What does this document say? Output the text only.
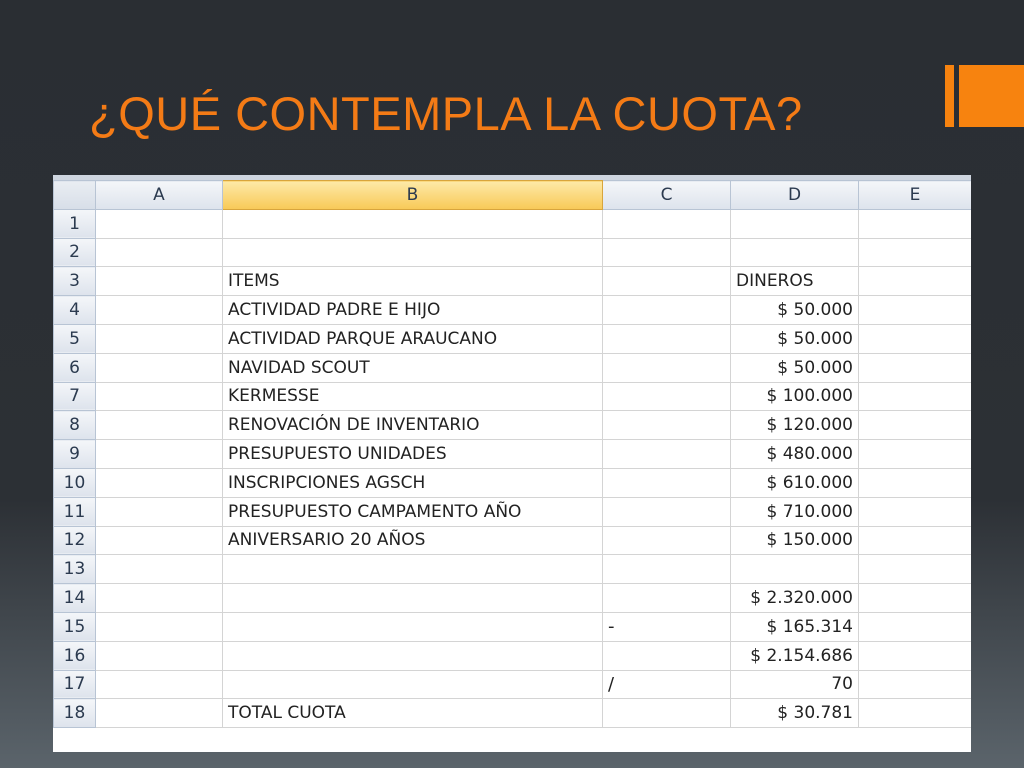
¿QUÉ CONTEMPLA LA CUOTA?
	A	B	C	D	E
1					
2					
3		ITEMS		DINEROS	
4		ACTIVIDAD PADRE E HIJO		$ 50.000	
5		ACTIVIDAD PARQUE ARAUCANO		$ 50.000	
6		NAVIDAD SCOUT		$ 50.000	
7		KERMESSE		$ 100.000	
8		RENOVACIÓN DE INVENTARIO		$ 120.000	
9		PRESUPUESTO UNIDADES		$ 480.000	
10		INSCRIPCIONES AGSCH		$ 610.000	
11		PRESUPUESTO CAMPAMENTO AÑO		$ 710.000	
12		ANIVERSARIO 20 AÑOS		$ 150.000	
13					
14				$ 2.320.000	
15			-	$ 165.314	
16				$ 2.154.686	
17			/	70	
18		TOTAL CUOTA		$ 30.781	
